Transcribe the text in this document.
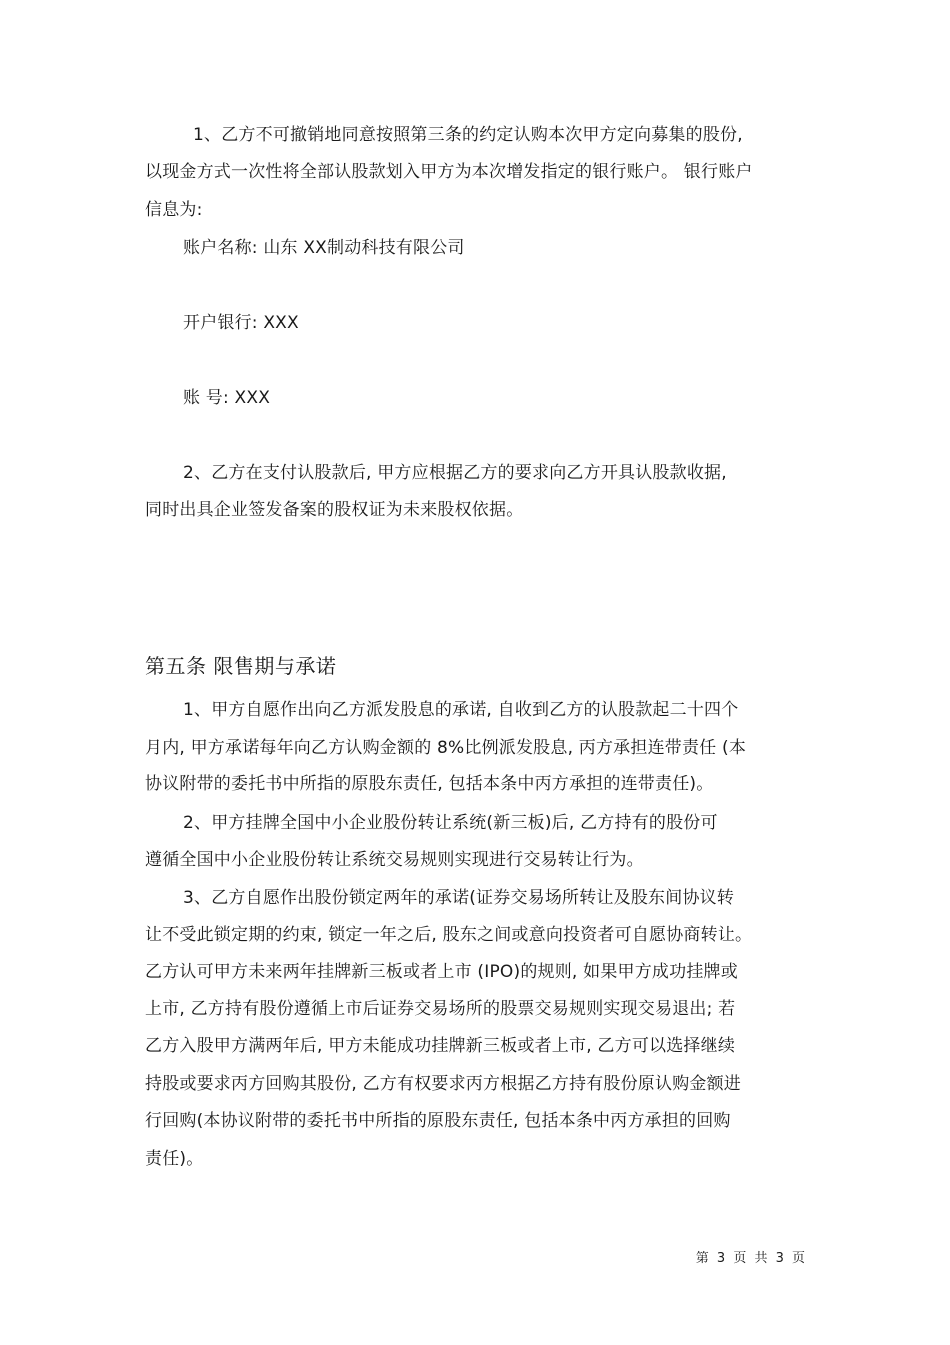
1、乙方不可撤销地同意按照第三条的约定认购本次甲方定向募集的股份,
以现金方式一次性将全部认股款划入甲方为本次增发指定的银行账户。 银行账户
信息为:
账户名称: 山东 XX制动科技有限公司
开户银行: XXX
账 号: XXX
2、乙方在支付认股款后, 甲方应根据乙方的要求向乙方开具认股款收据,
同时出具企业签发备案的股权证为未来股权依据。
第五条 限售期与承诺
1、甲方自愿作出向乙方派发股息的承诺, 自收到乙方的认股款起二十四个
月内, 甲方承诺每年向乙方认购金额的 8%比例派发股息, 丙方承担连带责任 (本
协议附带的委托书中所指的原股东责任, 包括本条中丙方承担的连带责任)。
2、甲方挂牌全国中小企业股份转让系统(新三板)后, 乙方持有的股份可
遵循全国中小企业股份转让系统交易规则实现进行交易转让行为。
3、乙方自愿作出股份锁定两年的承诺(证券交易场所转让及股东间协议转
让不受此锁定期的约束, 锁定一年之后, 股东之间或意向投资者可自愿协商转让。
乙方认可甲方未来两年挂牌新三板或者上市 (IPO)的规则, 如果甲方成功挂牌或
上市, 乙方持有股份遵循上市后证券交易场所的股票交易规则实现交易退出; 若
乙方入股甲方满两年后, 甲方未能成功挂牌新三板或者上市, 乙方可以选择继续
持股或要求丙方回购其股份, 乙方有权要求丙方根据乙方持有股份原认购金额进
行回购(本协议附带的委托书中所指的原股东责任, 包括本条中丙方承担的回购
责任)。
第 3 页 共 3 页
